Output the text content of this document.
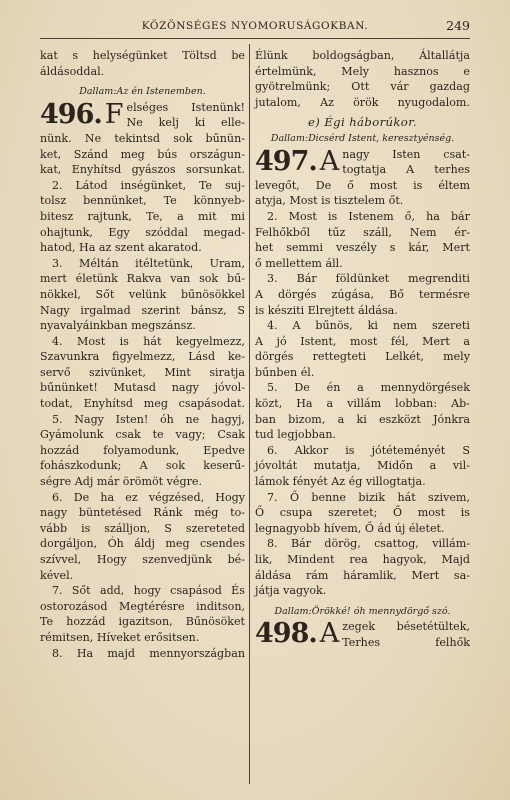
KÖZÖNSÉGES NYOMORUSÁGOKBAN.	249
kat s helységünket Töltsd be
áldásoddal.
Dallam: Az én Istenemben.
496. F elséges Istenünk!
Ne kelj ki elle-
nünk. Ne tekintsd sok bűnün-
ket, Szánd meg bús országun-
kat, Enyhítsd gyászos sorsunkat.
2. Látod inségünket, Te suj-
tolsz bennünket, Te könnyeb-
bitesz rajtunk, Te, a mit mi
ohajtunk, Egy szóddal megad-
hatod, Ha az szent akaratod.
3. Méltán itéltetünk, Uram,
mert életünk Rakva van sok bű-
nökkel, Sőt velünk bűnösökkel
Nagy irgalmad szerint bánsz, S
nyavalyáinkban megszánsz.
4. Most is hát kegyelmezz,
Szavunkra figyelmezz, Lásd ke-
servő szivünket, Mint siratja
bűnünket! Mutasd nagy jóvol-
todat, Enyhítsd meg csapásodat.
5. Nagy Isten! óh ne hagyj,
Gyámolunk csak te vagy; Csak
hozzád folyamodunk, Epedve
fohászkodunk; A sok keserű-
ségre Adj már örömöt végre.
6. De ha ez végzésed, Hogy
nagy büntetésed Ránk még to-
vább is szálljon, S szereteted
dorgáljon, Óh áldj meg csendes
szívvel, Hogy szenvedjünk bé-
kével.
7. Sőt add, hogy csapásod És
ostorozásod Megtérésre inditson,
Te hozzád igazitson, Bűnösöket
rémitsen, Híveket erősitsen.
8. Ha majd mennyországban
Élünk boldogságban, Általlátja
értelmünk, Mely hasznos e
gyötrelmünk; Ott vár gazdag
jutalom, Az örök nyugodalom.
e) Égi háborúkor.
Dallam: Dicsérd Istent, keresztyénség.
497. A nagy Isten csat-
togtatja A terhes
levegőt, De ő most is éltem
atyja, Most is tisztelem őt.
2. Most is Istenem ő, ha bár
Felhőkből tűz száll, Nem ér-
het semmi veszély s kár, Mert
ő mellettem áll.
3. Bár földünket megrenditi
A dörgés zúgása, Bő termésre
is késziti Elrejtett áldása.
4. A bűnös, ki nem szereti
A jó Istent, most fél, Mert a
dörgés rettegteti Lelkét, mely
bűnben él.
5. De én a mennydörgések
közt, Ha a villám lobban: Ab-
ban bizom, a ki eszközt Jónkra
tud legjobban.
6. Akkor is jótéteményét S
jóvoltát mutatja, Midőn a vil-
lámok fényét Az ég villogtatja.
7. Ő benne bizik hát szivem,
Ő csupa szeretet; Ő most is
legnagyobb hívem, Ő ád új életet.
8. Bár dörög, csattog, villám-
lik, Mindent rea hagyok, Majd
áldása rám háramlik, Mert sa-
játja vagyok.
Dallam: Örökké! óh mennydörgő szó.
498. A zegek bésetétültek,
Terhes	felhők
